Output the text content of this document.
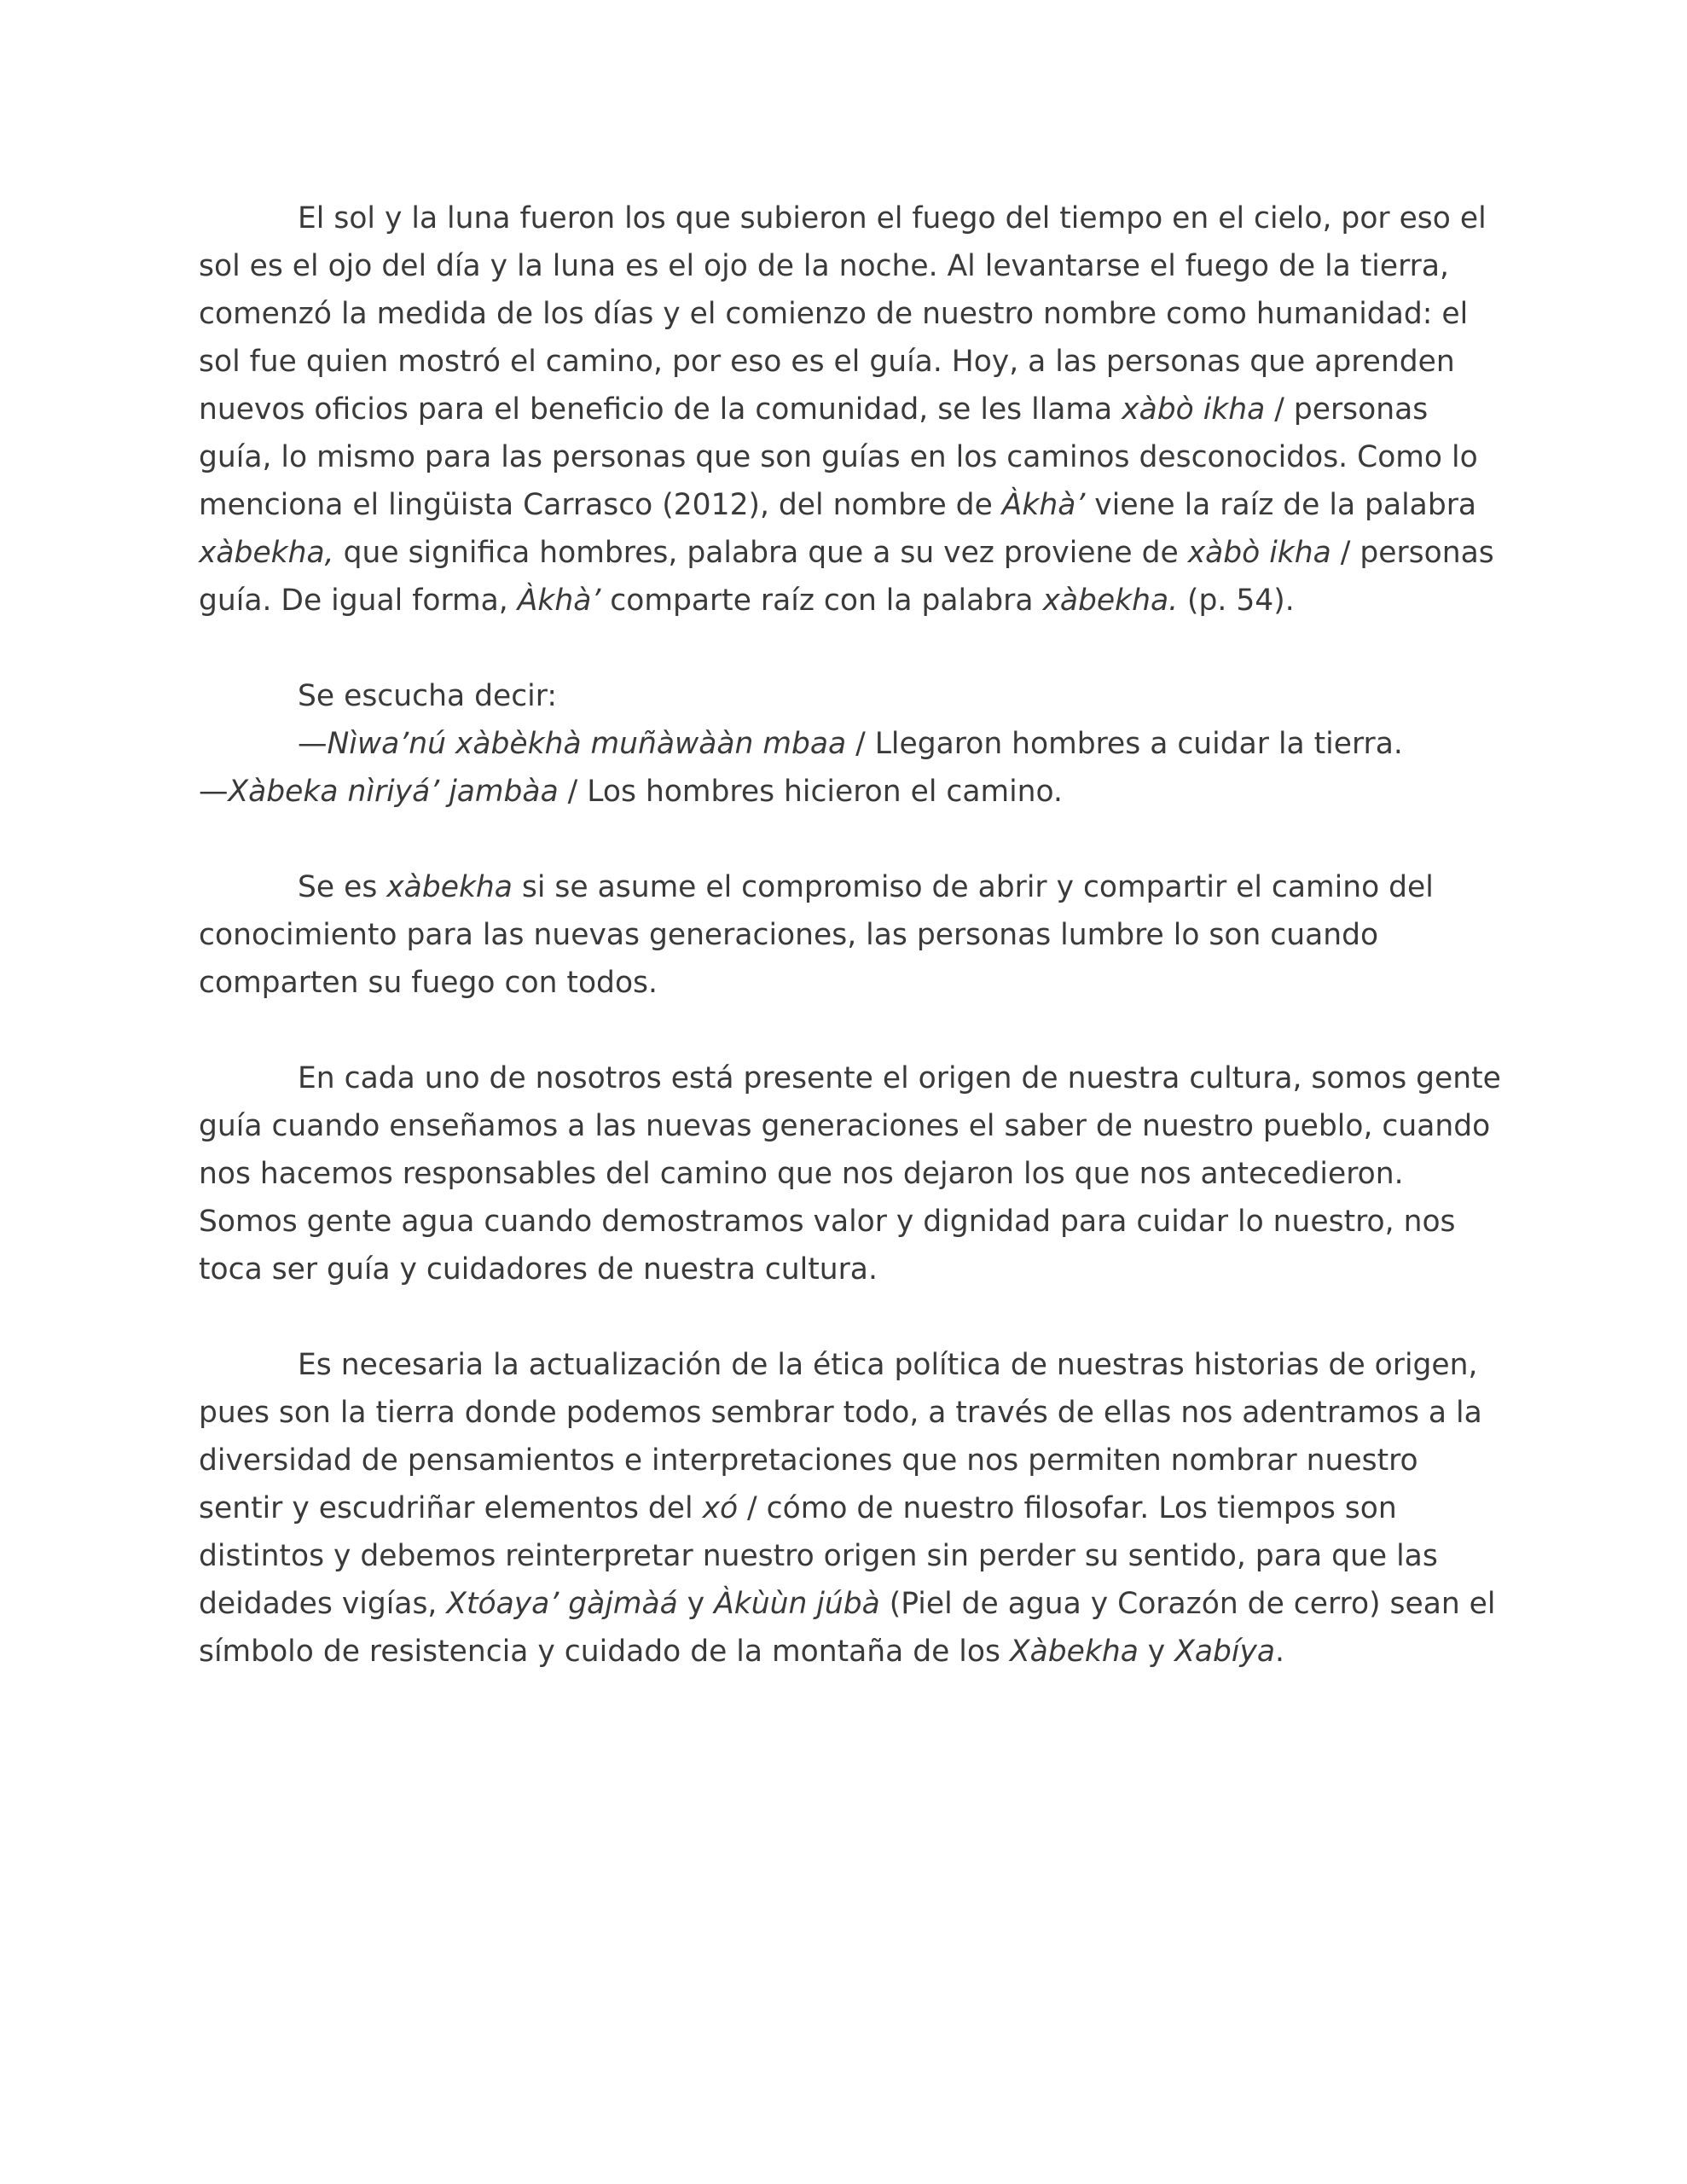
El sol y la luna fueron los que subieron el fuego del tiempo en el cielo, por eso el sol es el ojo del día y la luna es el ojo de la noche. Al levantarse el fuego de la tierra, comenzó la medida de los días y el comienzo de nuestro nombre como humanidad: el sol fue quien mostró el camino, por eso es el guía. Hoy, a las personas que aprenden nuevos oficios para el beneficio de la comunidad, se les llama xàbò ikha / personas guía, lo mismo para las personas que son guías en los caminos desconocidos. Como lo menciona el lingüista Carrasco (2012), del nombre de Àkhà’ viene la raíz de la palabra xàbekha, que significa hombres, palabra que a su vez proviene de xàbò ikha / personas guía. De igual forma, Àkhà’ comparte raíz con la palabra xàbekha. (p. 54).

Se escucha decir:

—Nìwa’nú xàbèkhà muñàwààn mbaa / Llegaron hombres a cuidar la tierra.

—Xàbeka nìriyá’ jambàa / Los hombres hicieron el camino.

Se es xàbekha si se asume el compromiso de abrir y compartir el camino del conocimiento para las nuevas generaciones, las personas lumbre lo son cuando comparten su fuego con todos.

En cada uno de nosotros está presente el origen de nuestra cultura, somos gente guía cuando enseñamos a las nuevas generaciones el saber de nuestro pueblo, cuando nos hacemos responsables del camino que nos dejaron los que nos antecedieron. Somos gente agua cuando demostramos valor y dignidad para cuidar lo nuestro, nos toca ser guía y cuidadores de nuestra cultura.

Es necesaria la actualización de la ética política de nuestras historias de origen, pues son la tierra donde podemos sembrar todo, a través de ellas nos adentramos a la diversidad de pensamientos e interpretaciones que nos permiten nombrar nuestro sentir y escudriñar elementos del xó / cómo de nuestro filosofar. Los tiempos son distintos y debemos reinterpretar nuestro origen sin perder su sentido, para que las deidades vigías, Xtóaya’ gàjmàá y Àkùùn júbà (Piel de agua y Corazón de cerro) sean el símbolo de resistencia y cuidado de la montaña de los Xàbekha y Xabíya.
